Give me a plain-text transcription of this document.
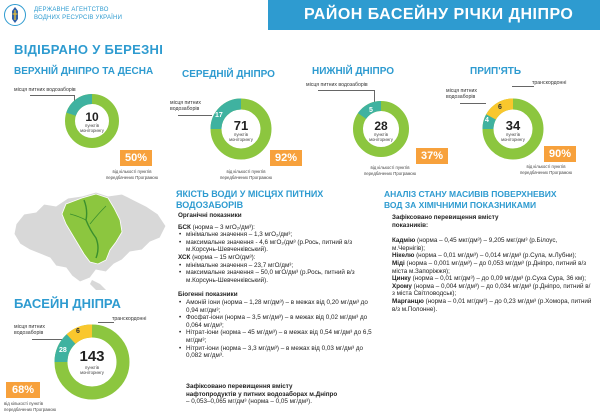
ДЕРЖАВНЕ АГЕНТСТВО
ВОДНИХ РЕСУРСІВ УКРАЇНИ	РАЙОН БАСЕЙНУ РІЧКИ ДНІПРО
ВІДІБРАНО У БЕРЕЗНІ
ВЕРХНІЙ ДНІПРО ТА ДЕСНА
місця питних водозаборів
2 10
пунктів
моніторингу
50%
від кількості пунктів
передбачених Програмою
СЕРЕДНІЙ ДНІПРО
місця питних
водозаборів
17
71
пунктів
моніторингу
92%
від кількості пунктів
передбачених Програмою
НИЖНІЙ ДНІПРО
місця питних водозаборів
5
28
пунктів
моніторингу
37%
від кількості пунктів
передбачених Програмою
ПРИП'ЯТЬ
місця питних
водозаборів
транскордонні
6
4	34
пунктів
моніторингу
90%
від кількості пунктів
передбачених Програмою
БАСЕЙН ДНІПРА
транскордонні
місця питних
водозаборів	6
28 143
пунктів
моніторингу
68%
від кількості пунктів
передбачених Програмою
ЯКІСТЬ ВОДИ У МІСЦЯХ ПИТНИХ
ВОДОЗАБОРІВ
Органічні показники
БСК (норма – 3 мгО₂/дм³):
• мінімальне значення – 1,3 мгО₂/дм³;
• максимальне значення - 4,6 мгО₂/дм³ (р.Рось, питний в/з м.Корсунь-Шевченківський).
ХСК (норма – 15 мгО/дм³):
• мінімальне значення – 23,7 мгО/дм³;
• максимальне значення – 50,0 мгО/дм³ (р.Рось, питний в/з м.Корсунь-Шевченківський).
Біогенні показники
• Амоній іони (норма – 1,28 мг/дм³) – в межах від 0,20 мг/дм³ до 0,94 мг/дм³;
• Фосфат-іони (норма – 3,5 мг/дм³) – в межах від 0,02 мг/дм³ до 0,064 мг/дм³;
• Нітрат-іони (норма – 45 мг/дм³) – в межах від 0,54 мг/дм³ до 6,5 мг/дм³;
• Нітрит-іони (норма – 3,3 мг/дм³) – в межах від 0,03 мг/дм³ до 0,082 мг/дм³.
Зафіксовано перевищення вмісту
нафтопродуктів у питних водозаборах м.Дніпро
– 0,053–0,065 мг/дм³ (норма – 0,05 мг/дм³).
АНАЛІЗ СТАНУ МАСИВІВ ПОВЕРХНЕВИХ
ВОД ЗА ХІМІЧНИМИ ПОКАЗНИКАМИ
Зафіксовано перевищення вмісту
показників:
Кадмію (норма – 0,45 мкг/дм³) – 9,205 мкг/дм³ (р.Білоус, м.Чернігів);
Нікелю (норма – 0,01 мг/дм³) – 0,014 мг/дм³ (р.Сула, м.Лубни);
Міді (норма – 0,001 мг/дм³) – до 0,053 мг/дм³ (р.Дніпро, питний в/з міста м.Запоріжжя);
Цинку (норма – 0,01 мг/дм³) – до 0,09 мг/дм³ (р.Суха Сура, 36 км);
Хрому (норма – 0,004 мг/дм³) – до 0,034 мг/дм³ (р.Дніпро, питний в/з міста Світловодськ);
Марганцю (норма – 0,01 мг/дм³) – до 0,23 мг/дм³ (р.Хомора, питний в/з м.Полонне).
